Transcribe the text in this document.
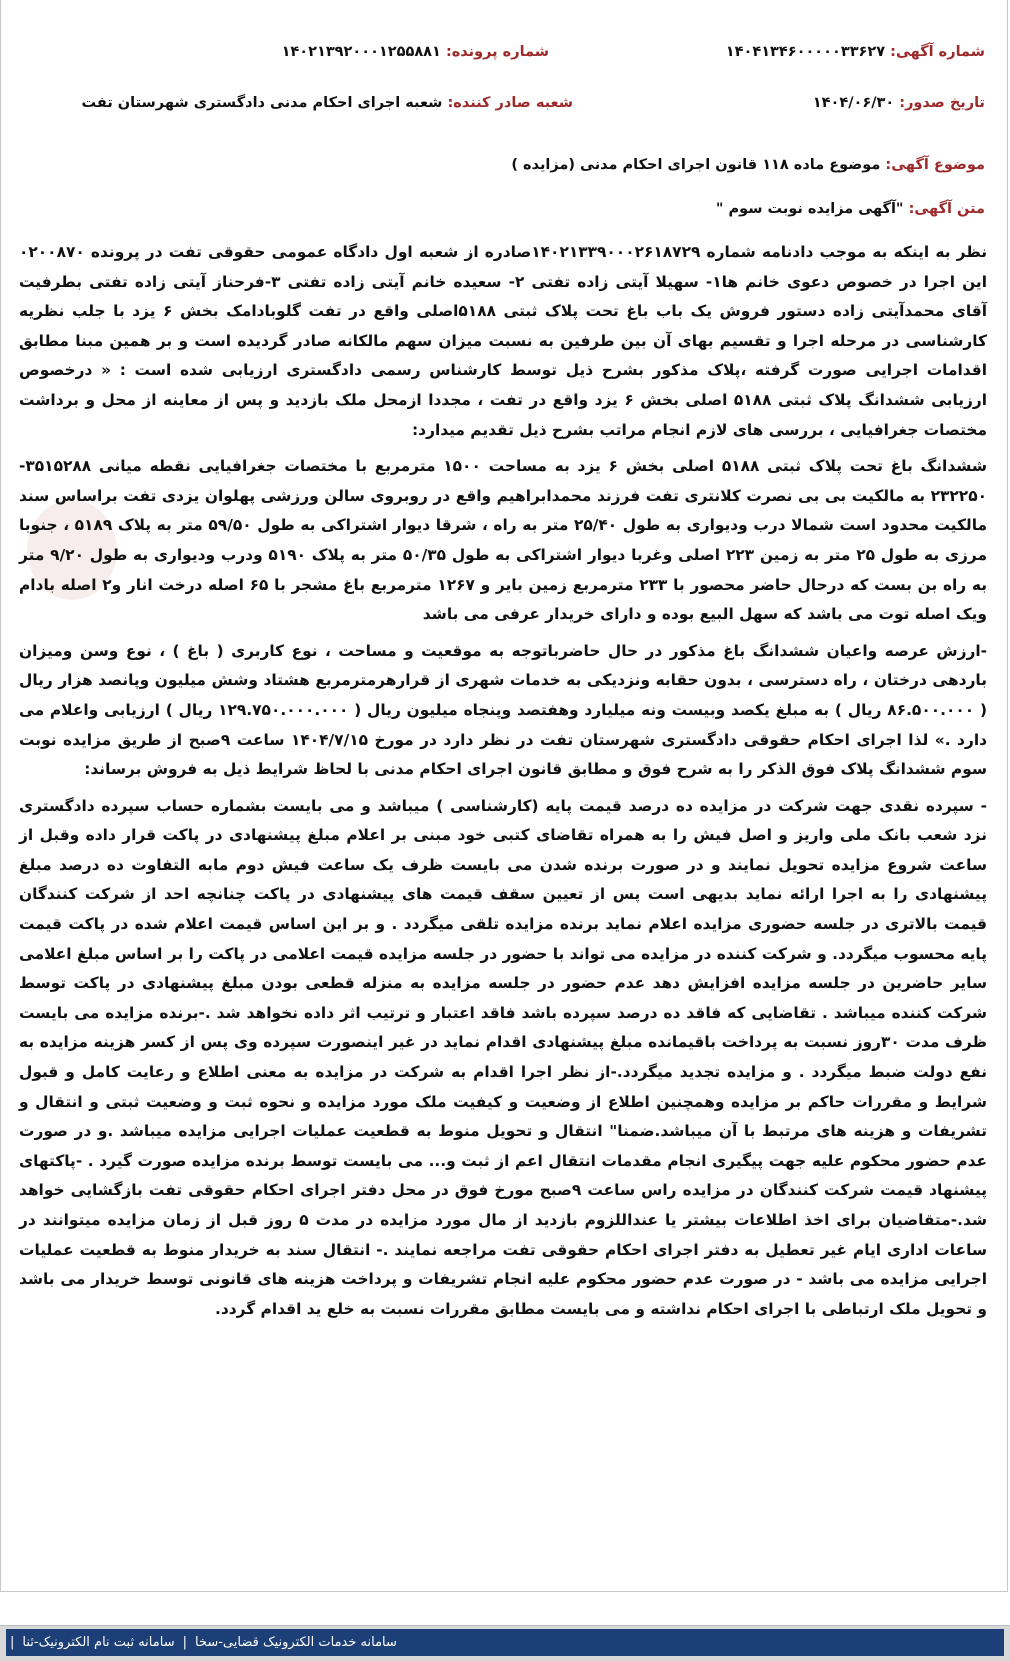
شماره آگهی: ۱۴۰۴۱۳۴۶۰۰۰۰۰۳۳۶۲۷
شماره پرونده: ۱۴۰۲۱۳۹۲۰۰۰۱۲۵۵۸۸۱
تاریخ صدور: ۱۴۰۴/۰۶/۳۰
شعبه صادر کننده: شعبه اجرای احکام مدنی دادگستری شهرستان تفت
موضوع آگهی: موضوع ماده ۱۱۸ قانون اجرای احکام مدنی (مزایده )
متن آگهی: "آگهی مزایده نوبت سوم "

نظر به اینکه به موجب دادنامه شماره ۱۴۰۲۱۳۳۹۰۰۰۲۶۱۸۷۲۹صادره از شعبه اول دادگاه عمومی حقوقی تفت در پرونده ۰۲۰۰۸۷۰ این اجرا در خصوص دعوی خانم ها۱- سهیلا آیتی زاده تفتی ۲- سعیده خانم آیتی زاده تفتی ۳-فرحناز آیتی زاده تفتی بطرفیت آقای محمدآیتی زاده دستور فروش یک باب باغ تحت پلاک ثبتی ۵۱۸۸اصلی واقع در تفت گلوبادامک بخش ۶ یزد با جلب نظریه کارشناسی در مرحله اجرا و تقسیم بهای آن بین طرفین به نسبت میزان سهم مالکانه صادر گردیده است و بر همین مبنا مطابق اقدامات اجرایی صورت گرفته ،پلاک مذکور بشرح ذیل توسط کارشناس رسمی دادگستری ارزیابی شده است : « درخصوص ارزیابی ششدانگ پلاک ثبتی ۵۱۸۸ اصلی بخش ۶ یزد واقع در تفت ، مجددا ازمحل ملک بازدید و پس از معاینه از محل و برداشت مختصات جغرافیایی ، بررسی های لازم انجام مراتب بشرح ذیل تقدیم میدارد:

ششدانگ باغ تحت پلاک ثبتی ۵۱۸۸ اصلی بخش ۶ یزد به مساحت ۱۵۰۰ مترمربع با مختصات جغرافیایی نقطه میانی ۳۵۱۵۲۸۸- ۲۳۲۲۵۰ به مالکیت بی بی نصرت کلانتری تفت فرزند محمدابراهیم واقع در روبروی سالن ورزشی پهلوان یزدی تفت براساس سند مالکیت محدود است شمالا درب ودیواری به طول ۲۵/۴۰ متر به راه ، شرقا دیوار اشتراکی به طول ۵۹/۵۰ متر به پلاک ۵۱۸۹ ، جنوبا مرزی به طول ۲۵ متر به زمین ۲۲۳ اصلی وغربا دیوار اشتراکی به طول ۵۰/۳۵ متر به پلاک ۵۱۹۰ ودرب ودیواری به طول ۹/۲۰ متر به راه بن بست که درحال حاضر محصور با ۲۳۳ مترمربع زمین بایر و ۱۲۶۷ مترمربع باغ مشجر با ۶۵ اصله درخت انار و۲ اصله بادام ویک اصله توت می باشد که سهل البیع بوده و دارای خریدار عرفی می باشد

-ارزش عرصه واعیان ششدانگ باغ مذکور در حال حاضرباتوجه به موقعیت و مساحت ، نوع کاربری ( باغ ) ، نوع وسن ومیزان باردهی درختان ، راه دسترسی ، بدون حقابه ونزدیکی به خدمات شهری از قرارهرمترمربع هشتاد وشش میلیون وپانصد هزار ریال ( ۸۶.۵۰۰.۰۰۰ ریال ) به مبلغ یکصد وبیست ونه میلیارد وهفتصد وپنجاه میلیون ریال ( ۱۲۹.۷۵۰.۰۰۰.۰۰۰ ریال ) ارزیابی واعلام می دارد .» لذا اجرای احکام حقوقی دادگستری شهرستان تفت در نظر دارد در مورخ ۱۴۰۴/۷/۱۵ ساعت ۹صبح از طریق مزایده نوبت سوم ششدانگ پلاک فوق الذکر را به شرح فوق و مطابق قانون اجرای احکام مدنی با لحاظ شرایط ذیل به فروش برساند:

- سپرده نقدی جهت شرکت در مزایده ده درصد قیمت پایه (کارشناسی ) میباشد و می بایست بشماره حساب سپرده دادگستری نزد شعب بانک ملی واریز و اصل فیش را به همراه تقاضای کتبی خود مبنی بر اعلام مبلغ پیشنهادی در پاکت قرار داده وقبل از ساعت شروع مزایده تحویل نمایند و در صورت برنده شدن می بایست ظرف یک ساعت فیش دوم مابه التفاوت ده درصد مبلغ پیشنهادی را به اجرا ارائه نماید بدیهی است پس از تعیین سقف قیمت های پیشنهادی در پاکت چنانچه احد از شرکت کنندگان قیمت بالاتری در جلسه حضوری مزایده اعلام نماید برنده مزایده تلقی میگردد . و بر این اساس قیمت اعلام شده در پاکت قیمت پایه محسوب میگردد. و شرکت کننده در مزایده می تواند با حضور در جلسه مزایده قیمت اعلامی در پاکت را بر اساس مبلغ اعلامی سایر حاضرین در جلسه مزایده افزایش دهد عدم حضور در جلسه مزایده به منزله قطعی بودن مبلغ پیشنهادی در پاکت توسط شرکت کننده میباشد . تقاضایی که فاقد ده درصد سپرده باشد فاقد اعتبار و ترتیب اثر داده نخواهد شد .-برنده مزایده می بایست ظرف مدت ۳۰روز نسبت به پرداخت باقیمانده مبلغ پیشنهادی اقدام نماید در غیر اینصورت سپرده وی پس از کسر هزینه مزایده به نفع دولت ضبط میگردد . و مزایده تجدید میگردد.-از نظر اجرا اقدام به شرکت در مزایده به معنی اطلاع و رعایت کامل و قبول شرایط و مقررات حاکم بر مزایده وهمچنین اطلاع از وضعیت و کیفیت ملک مورد مزایده و نحوه ثبت و وضعیت ثبتی و انتقال و تشریفات و هزینه های مرتبط با آن میباشد.ضمنا" انتقال و تحویل منوط به قطعیت عملیات اجرایی مزایده میباشد .و در صورت عدم حضور محکوم علیه جهت پیگیری انجام مقدمات انتقال اعم از ثبت و... می بایست توسط برنده مزایده صورت گیرد . -پاکتهای پیشنهاد قیمت شرکت کنندگان در مزایده راس ساعت ۹صبح مورخ فوق در محل دفتر اجرای احکام حقوقی تفت بازگشایی خواهد شد.-متقاضیان برای اخذ اطلاعات بیشتر یا عنداللزوم بازدید از مال مورد مزایده در مدت ۵ روز قبل از زمان مزایده میتوانند در ساعات اداری ایام غیر تعطیل به دفتر اجرای احکام حقوقی تفت مراجعه نمایند .- انتقال سند به خریدار منوط به قطعیت عملیات اجرایی مزایده می باشد - در صورت عدم حضور محکوم علیه انجام تشریفات و پرداخت هزینه های قانونی توسط خریدار می باشد و تحویل ملک ارتباطی با اجرای احکام نداشته و می بایست مطابق مقررات نسبت به خلع ید اقدام گردد.

سامانه خدمات الکترونیک قضایی-سخا
|
سامانه ثبت نام الکترونیک-ثنا
|
